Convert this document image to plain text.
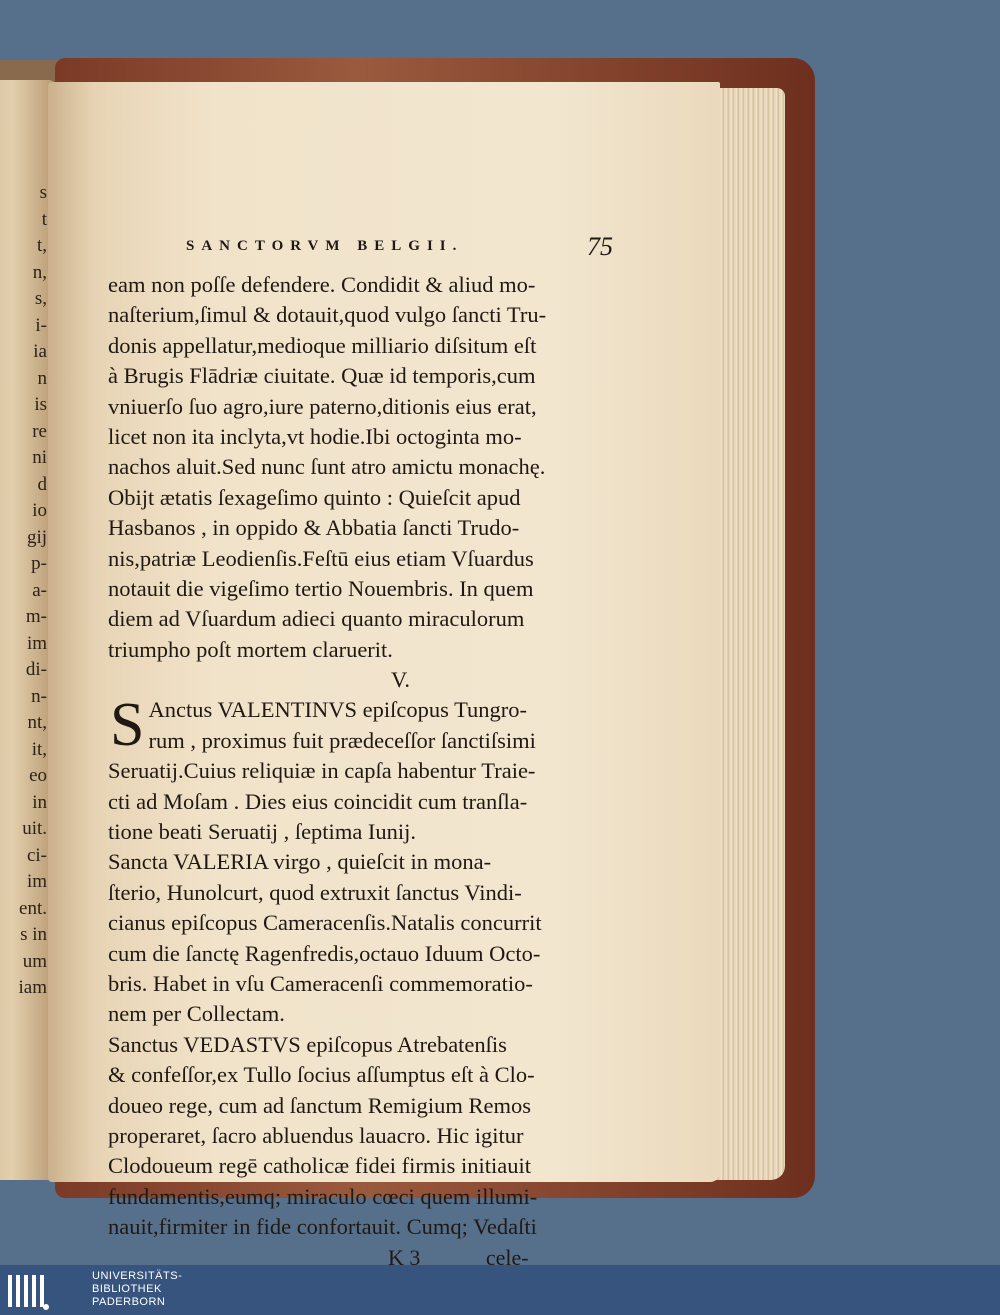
s
t
t,
n,
s,
i-
ia
n
is
re
ni
d
io
gij
p-
a-
m-
im
di-
n-
nt,
it,
eo
in
uit.
ci-
im
ent.
s in
um
iam
SANCTORVM BELGII.	75
eam non poſſe defendere. Condidit & aliud mo-
naſterium,ſimul & dotauit,quod vulgo ſancti Tru-
donis appellatur,medioque milliario diſsitum eſt
à Brugis Flādriæ ciuitate. Quæ id temporis,cum
vniuerſo ſuo agro,iure paterno,ditionis eius erat,
licet non ita inclyta,vt hodie.Ibi octoginta mo-
nachos aluit.Sed nunc ſunt atro amictu monachę.
Obijt ætatis ſexageſimo quinto : Quieſcit apud
Hasbanos , in oppido & Abbatia ſancti Trudo-
nis,patriæ Leodienſis.Feſtū eius etiam Vſuardus
notauit die vigeſimo tertio Nouembris. In quem
diem ad Vſuardum adieci quanto miraculorum
triumpho poſt mortem claruerit.
V.
S Anctus VALENTINVS epiſcopus Tungro-
rum , proximus fuit prædeceſſor ſanctiſsimi
Seruatij.Cuius reliquiæ in capſa habentur Traie-
cti ad Moſam . Dies eius coincidit cum tranſla-
tione beati Seruatij , ſeptima Iunij.
Sancta VALERIA virgo , quieſcit in mona-
ſterio, Hunolcurt, quod extruxit ſanctus Vindi-
cianus epiſcopus Cameracenſis.Natalis concurrit
cum die ſanctę Ragenfredis,octauo Iduum Octo-
bris. Habet in vſu Cameracenſi commemoratio-
nem per Collectam.
Sanctus VEDASTVS epiſcopus Atrebatenſis
& confeſſor,ex Tullo ſocius aſſumptus eſt à Clo-
doueo rege, cum ad ſanctum Remigium Remos
properaret, ſacro abluendus lauacro. Hic igitur
Clodoueum regē catholicæ fidei firmis initiauit
fundamentis,eumq; miraculo cœci quem illumi-
nauit,firmiter in fide confortauit. Cumq; Vedaſti
K 3	cele-
UNIVERSITÄTS-
BIBLIOTHEK
PADERBORN
